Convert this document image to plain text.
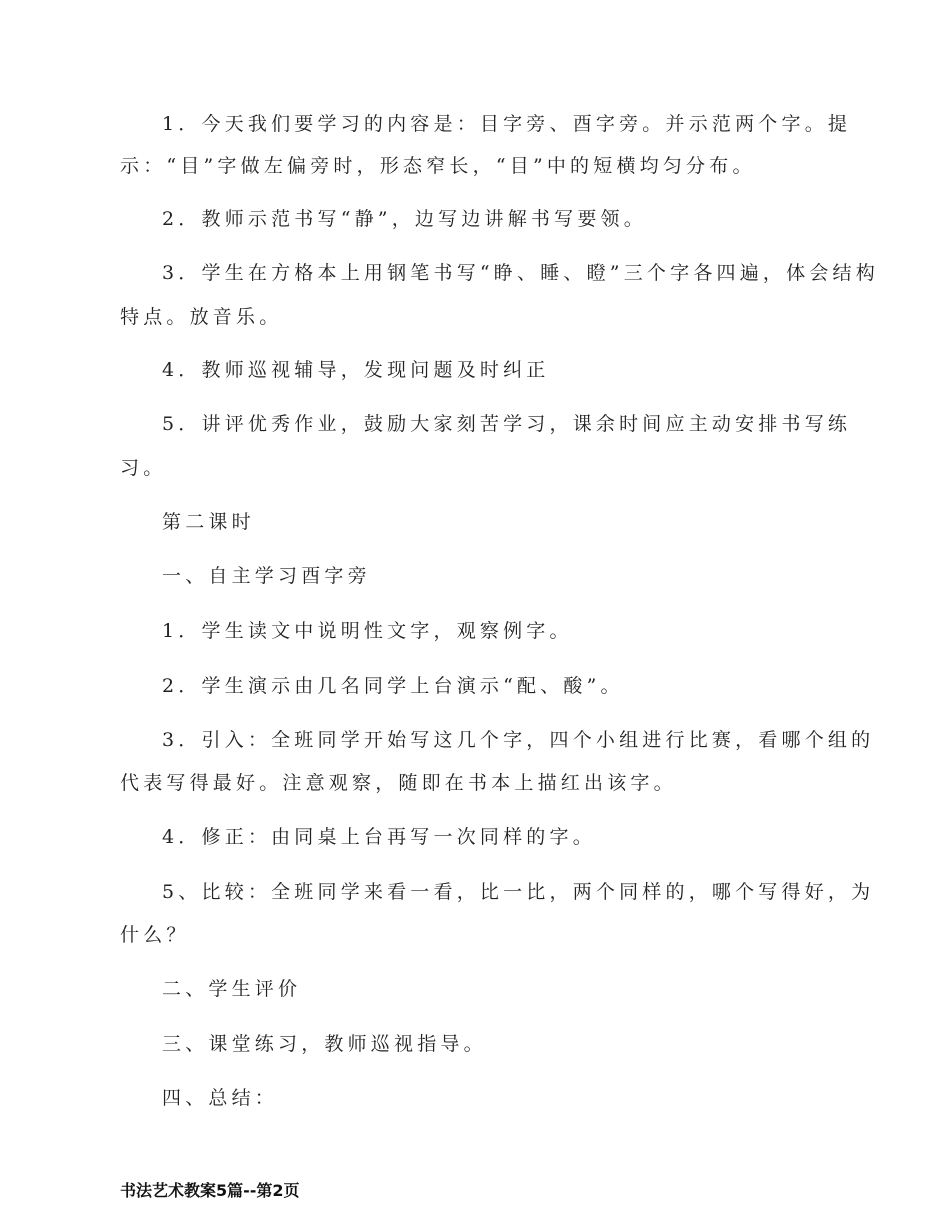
1．今天我们要学习的内容是：目字旁、酉字旁。并示范两个字。提
示：“目”字做左偏旁时，形态窄长，“目”中的短横均匀分布。
2．教师示范书写“静”，边写边讲解书写要领。
3．学生在方格本上用钢笔书写“睁、睡、瞪”三个字各四遍，体会结构
特点。放音乐。
4．教师巡视辅导，发现问题及时纠正
5．讲评优秀作业，鼓励大家刻苦学习，课余时间应主动安排书写练
习。
第二课时
一、自主学习酉字旁
1．学生读文中说明性文字，观察例字。
2．学生演示由几名同学上台演示“配、酸”。
3．引入：全班同学开始写这几个字，四个小组进行比赛，看哪个组的
代表写得最好。注意观察，随即在书本上描红出该字。
4．修正：由同桌上台再写一次同样的字。
5、比较：全班同学来看一看，比一比，两个同样的，哪个写得好，为
什么？
二、学生评价
三、课堂练习，教师巡视指导。
四、总结：
书法艺术教案5篇--第2页
